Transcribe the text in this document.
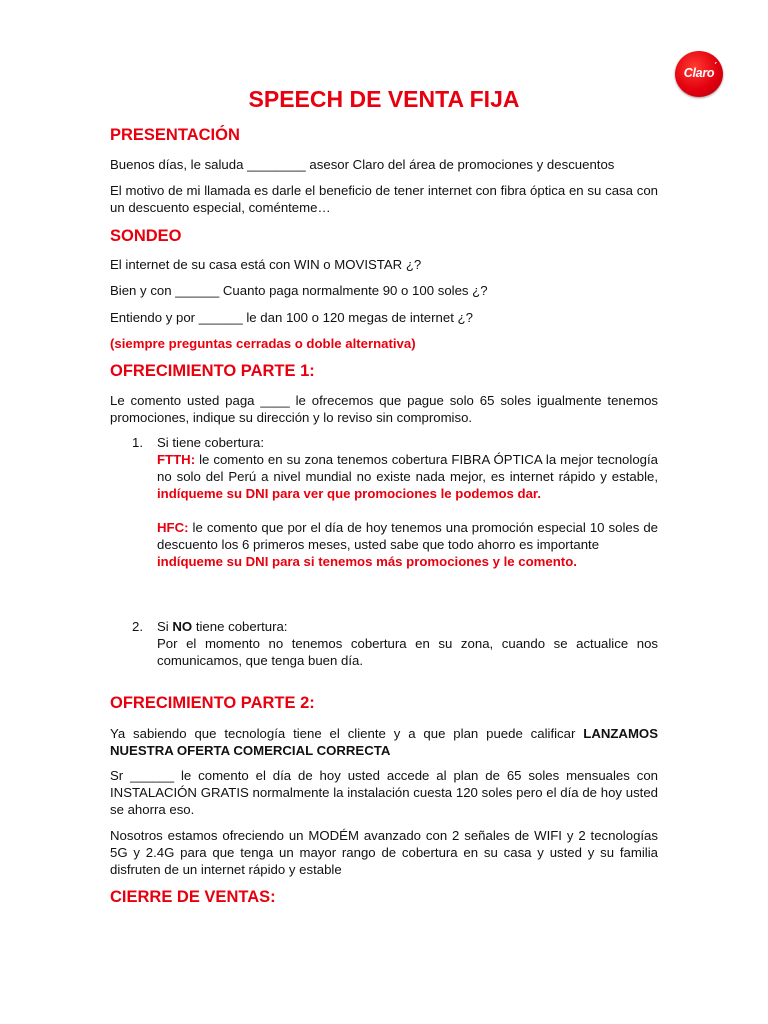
Claro
'
SPEECH DE VENTA FIJA
PRESENTACIÓN

Buenos días, le saluda ________ asesor Claro del área de promociones y descuentos

El motivo de mi llamada es darle el beneficio de tener internet con fibra óptica en su casa con un descuento especial, coménteme…

SONDEO

El internet de su casa está con WIN o MOVISTAR ¿?

Bien y con ______ Cuanto paga normalmente 90 o 100 soles ¿?

Entiendo y por ______ le dan 100 o 120 megas de internet ¿?

(siempre preguntas cerradas o doble alternativa)

OFRECIMIENTO PARTE 1:

Le comento usted paga ____ le ofrecemos que pague solo 65 soles igualmente tenemos promociones, indique su dirección y lo reviso sin compromiso.

1. Si tiene cobertura:
FTTH: le comento en su zona tenemos cobertura FIBRA ÓPTICA la mejor tecnología no solo del Perú a nivel mundial no existe nada mejor, es internet rápido y estable, indíqueme su DNI para ver que promociones le podemos dar.
HFC: le comento que por el día de hoy tenemos una promoción especial 10 soles de descuento los 6 primeros meses, usted sabe que todo ahorro es importante
indíqueme su DNI para si tenemos más promociones y le comento.
2. Si NO tiene cobertura:
Por el momento no tenemos cobertura en su zona, cuando se actualice nos comunicamos, que tenga buen día.
OFRECIMIENTO PARTE 2:

Ya sabiendo que tecnología tiene el cliente y a que plan puede calificar LANZAMOS NUESTRA OFERTA COMERCIAL CORRECTA

Sr ______ le comento el día de hoy usted accede al plan de 65 soles mensuales con INSTALACIÓN GRATIS normalmente la instalación cuesta 120 soles pero el día de hoy usted se ahorra eso.

Nosotros estamos ofreciendo un MODÉM avanzado con 2 señales de WIFI y 2 tecnologías 5G y 2.4G para que tenga un mayor rango de cobertura en su casa y usted y su familia disfruten de un internet rápido y estable

CIERRE DE VENTAS:
